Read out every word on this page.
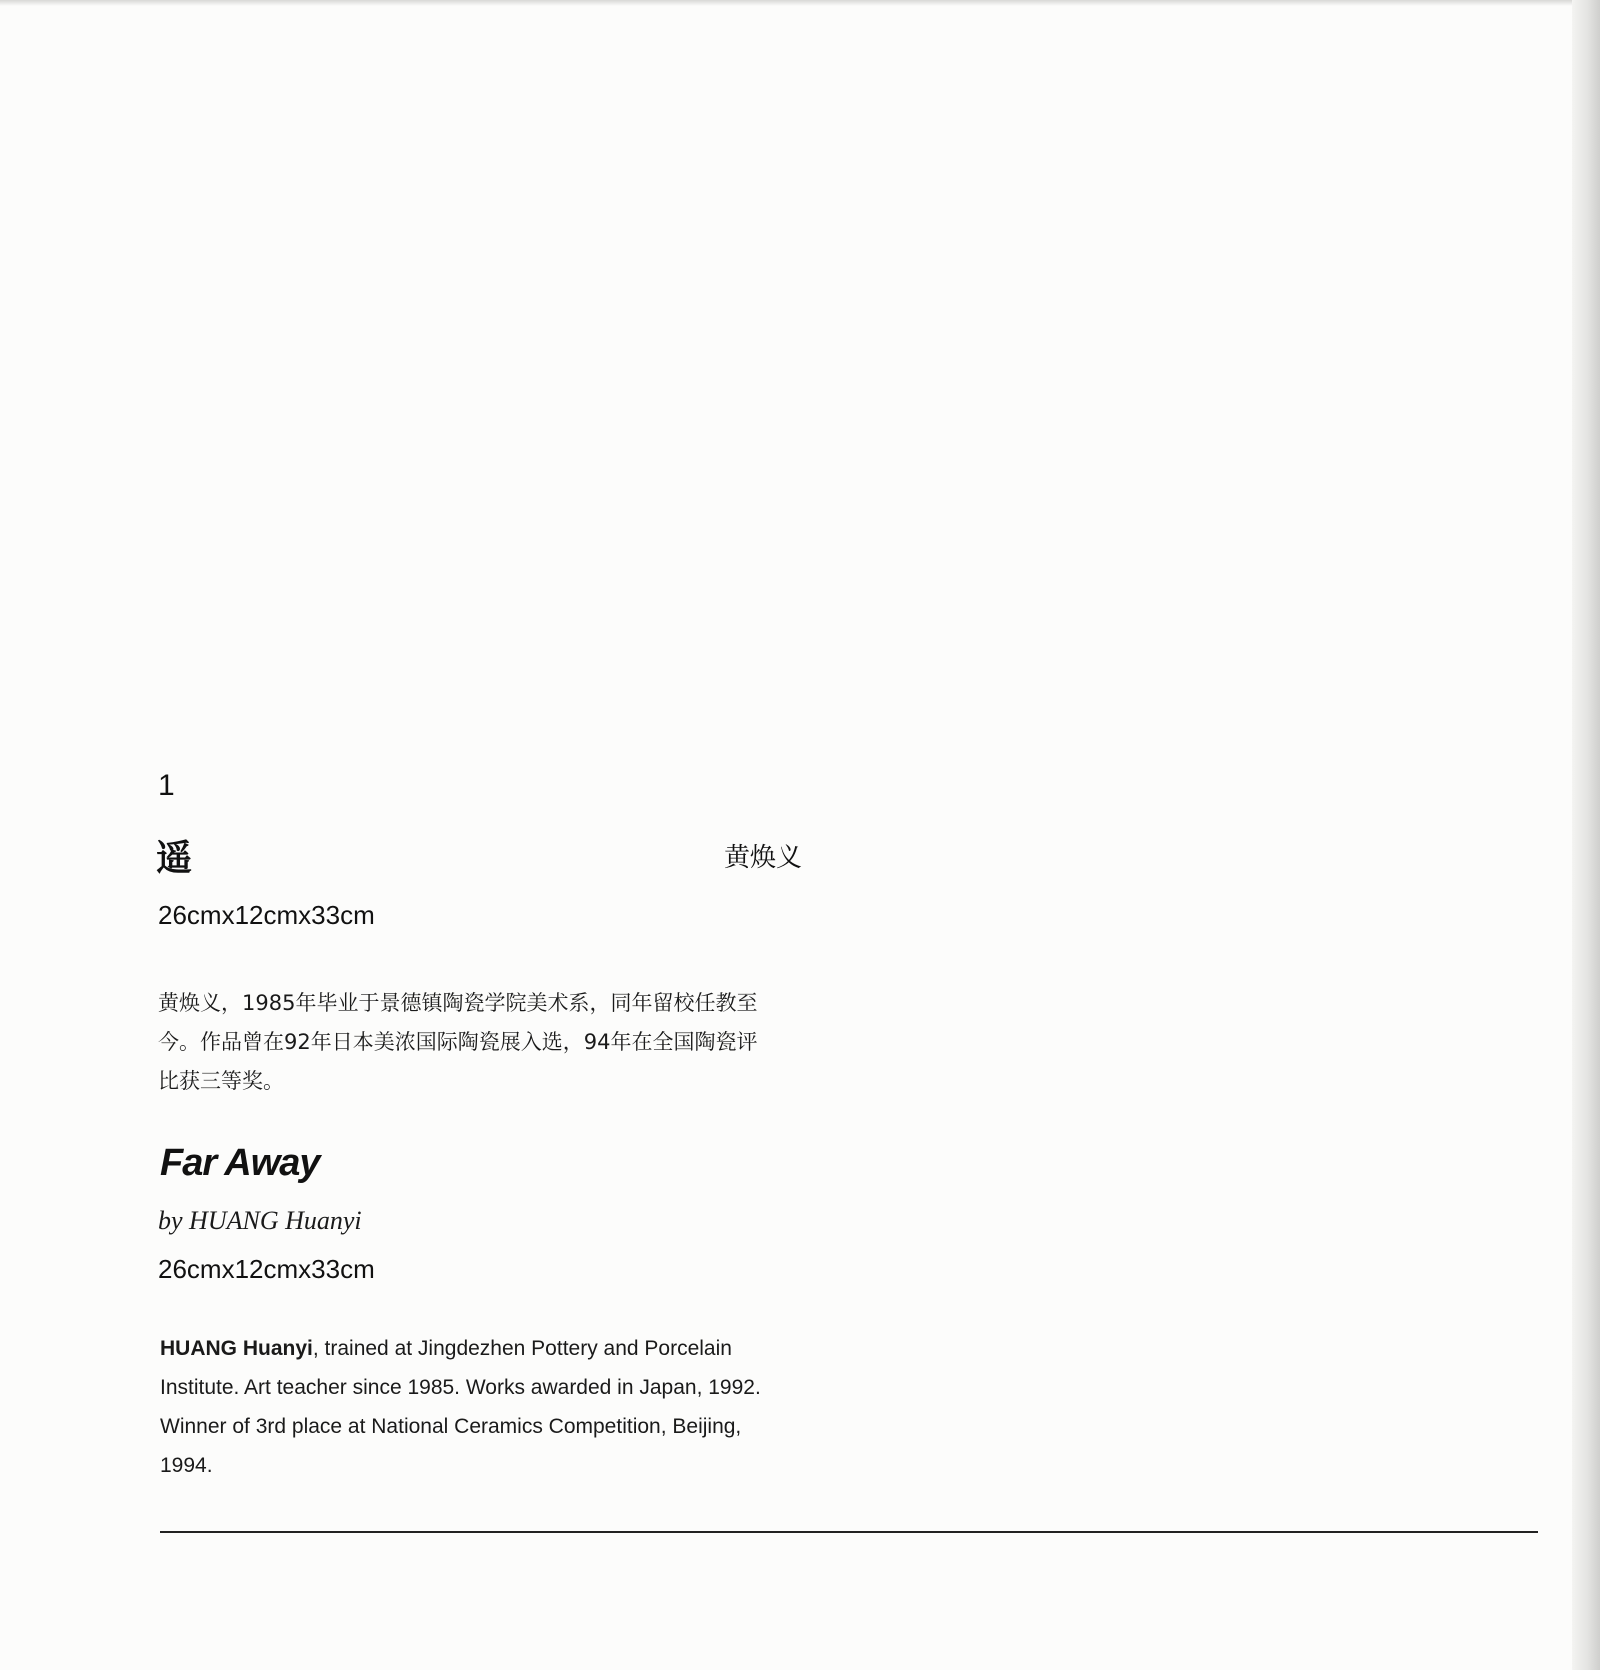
1
遥	黄焕义
26cmx12cmx33cm
黄焕义，1985年毕业于景德镇陶瓷学院美术系，同年留校任教至
今。作品曾在92年日本美浓国际陶瓷展入选，94年在全国陶瓷评
比获三等奖。
Far Away
by HUANG Huanyi
26cmx12cmx33cm
HUANG Huanyi, trained at Jingdezhen Pottery and Porcelain
Institute. Art teacher since 1985. Works awarded in Japan, 1992.
Winner of 3rd place at National Ceramics Competition, Beijing,
1994.
